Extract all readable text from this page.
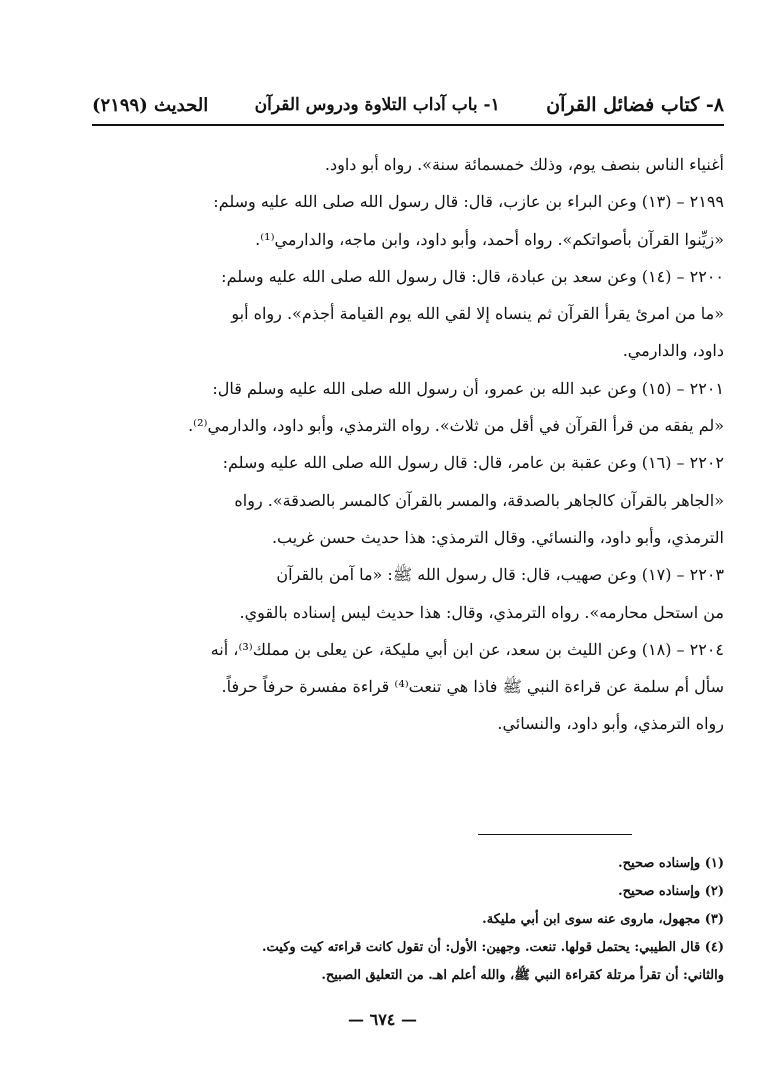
٨- كتاب فضائل القرآن
١- باب آداب التلاوة ودروس القرآن
الحديث (٢١٩٩)

أغنياء الناس بنصف يوم، وذلك خمسمائة سنة». رواه أبو داود.

٢١٩٩ – (١٣) وعن البراء بن عازب، قال: قال رسول الله صلى الله عليه وسلم:

«زيِّنوا القرآن بأصواتكم». رواه أحمد، وأبو داود، وابن ماجه، والدارمي⁽¹⁾.

٢٢٠٠ – (١٤) وعن سعد بن عبادة، قال: قال رسول الله صلى الله عليه وسلم:

«ما من امرئ يقرأ القرآن ثم ينساه إلا لقي الله يوم القيامة أجذم». رواه أبو

داود، والدارمي.

٢٢٠١ – (١٥) وعن عبد الله بن عمرو، أن رسول الله صلى الله عليه وسلم قال:

«لم يفقه من قرأ القرآن في أقل من ثلاث». رواه الترمذي، وأبو داود، والدارمي⁽²⁾.

٢٢٠٢ – (١٦) وعن عقبة بن عامر، قال: قال رسول الله صلى الله عليه وسلم:

«الجاهر بالقرآن كالجاهر بالصدقة، والمسر بالقرآن كالمسر بالصدقة». رواه

الترمذي، وأبو داود، والنسائي. وقال الترمذي: هذا حديث حسن غريب.

٢٢٠٣ – (١٧) وعن صهيب، قال: قال رسول الله ﷺ: «ما آمن بالقرآن

من استحل محارمه». رواه الترمذي، وقال: هذا حديث ليس إسناده بالقوي.

٢٢٠٤ – (١٨) وعن الليث بن سعد، عن ابن أبي مليكة، عن يعلى بن مملك⁽³⁾، أنه

سأل أم سلمة عن قراءة النبي ﷺ فاذا هي تنعت⁽⁴⁾ قراءة مفسرة حرفاً حرفاً.

رواه الترمذي، وأبو داود، والنسائي.

(١) وإسناده صحيح.

(٢) وإسناده صحيح.

(٣) مجهول، ماروى عنه سوى ابن أبي مليكة.

(٤) قال الطيبي: يحتمل قولها. تنعت. وجهين: الأول: أن تقول كانت قراءته كيت وكيت.

والثاني: أن تقرأ مرتلة كقراءة النبي ﷺ، والله أعلم اهـ. من التعليق الصبيح.

— ٦٧٤ —
